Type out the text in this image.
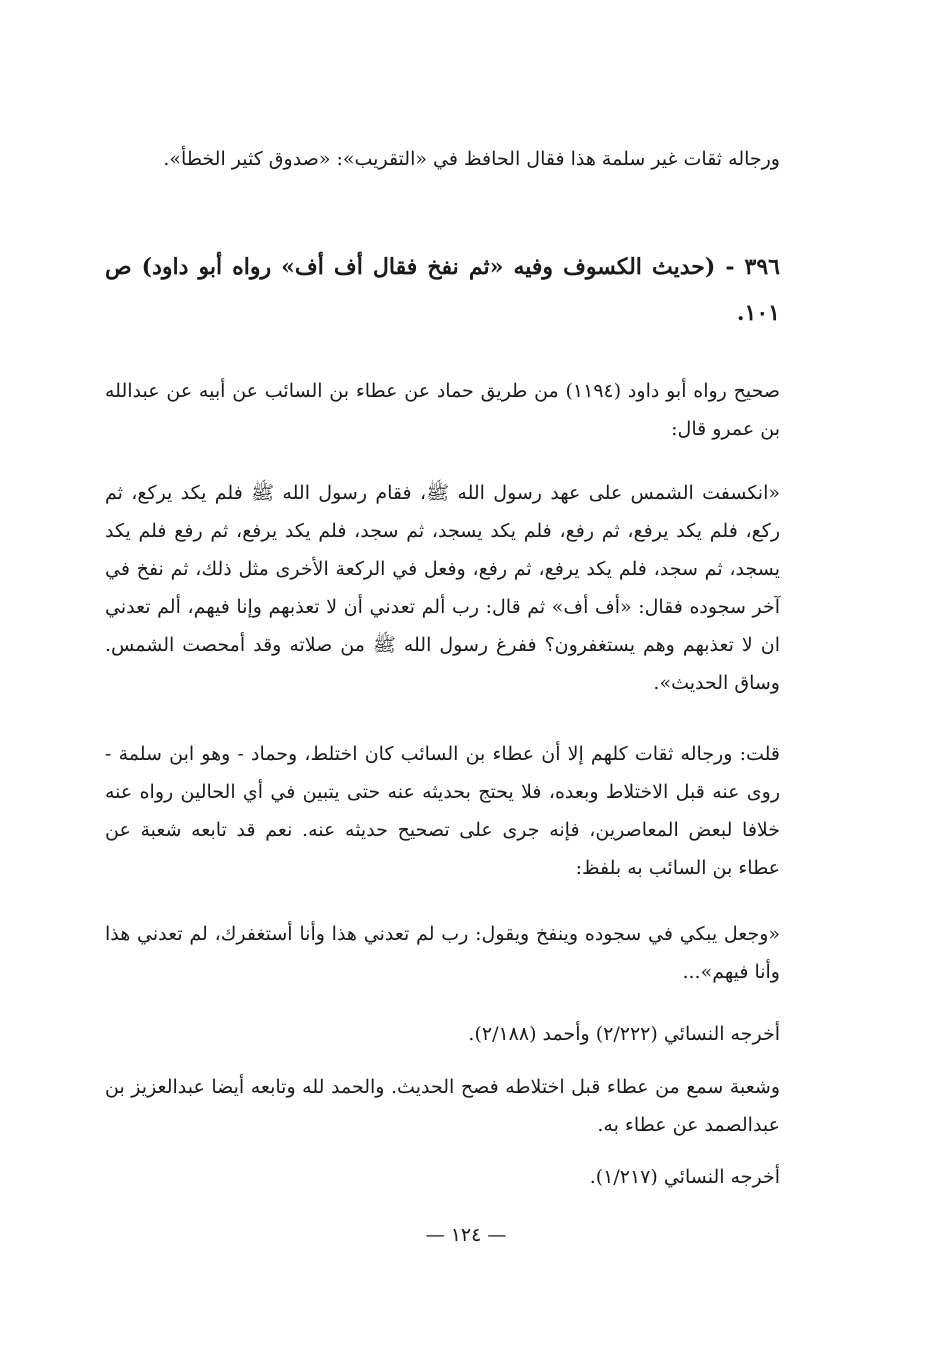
ورجاله ثقات غير سلمة هذا فقال الحافظ في «التقريب»: «صدوق كثير الخطأ».

٣٩٦ - (حديث الكسوف وفيه «ثم نفخ فقال أف أف» رواه أبو داود) ص ١٠١.

صحيح رواه أبو داود (١١٩٤) من طريق حماد عن عطاء بن السائب عن أبيه عن عبدالله بن عمرو قال:

«انكسفت الشمس على عهد رسول الله ﷺ، فقام رسول الله ﷺ فلم يكد يركع، ثم ركع، فلم يكد يرفع، ثم رفع، فلم يكد يسجد، ثم سجد، فلم يكد يرفع، ثم رفع فلم يكد يسجد، ثم سجد، فلم يكد يرفع، ثم رفع، وفعل في الركعة الأخرى مثل ذلك، ثم نفخ في آخر سجوده فقال: «أف أف» ثم قال: رب ألم تعدني أن لا تعذبهم وإنا فيهم، ألم تعدني ان لا تعذبهم وهم يستغفرون؟ ففرغ رسول الله ﷺ من صلاته وقد أمحصت الشمس. وساق الحديث».

قلت: ورجاله ثقات كلهم إلا أن عطاء بن السائب كان اختلط، وحماد - وهو ابن سلمة - روى عنه قبل الاختلاط وبعده، فلا يحتج بحديثه عنه حتى يتبين في أي الحالين رواه عنه خلافا لبعض المعاصرين، فإنه جرى على تصحيح حديثه عنه. نعم قد تابعه شعبة عن عطاء بن السائب به بلفظ:

«وجعل يبكي في سجوده وينفخ ويقول: رب لم تعدني هذا وأنا أستغفرك، لم تعدني هذا وأنا فيهم»...

أخرجه النسائي (٢/٢٢٢) وأحمد (٢/١٨٨).

وشعبة سمع من عطاء قبل اختلاطه فصح الحديث. والحمد لله وتابعه أيضا عبدالعزيز بن عبدالصمد عن عطاء به.

أخرجه النسائي (١/٢١٧).

— ١٢٤ —
